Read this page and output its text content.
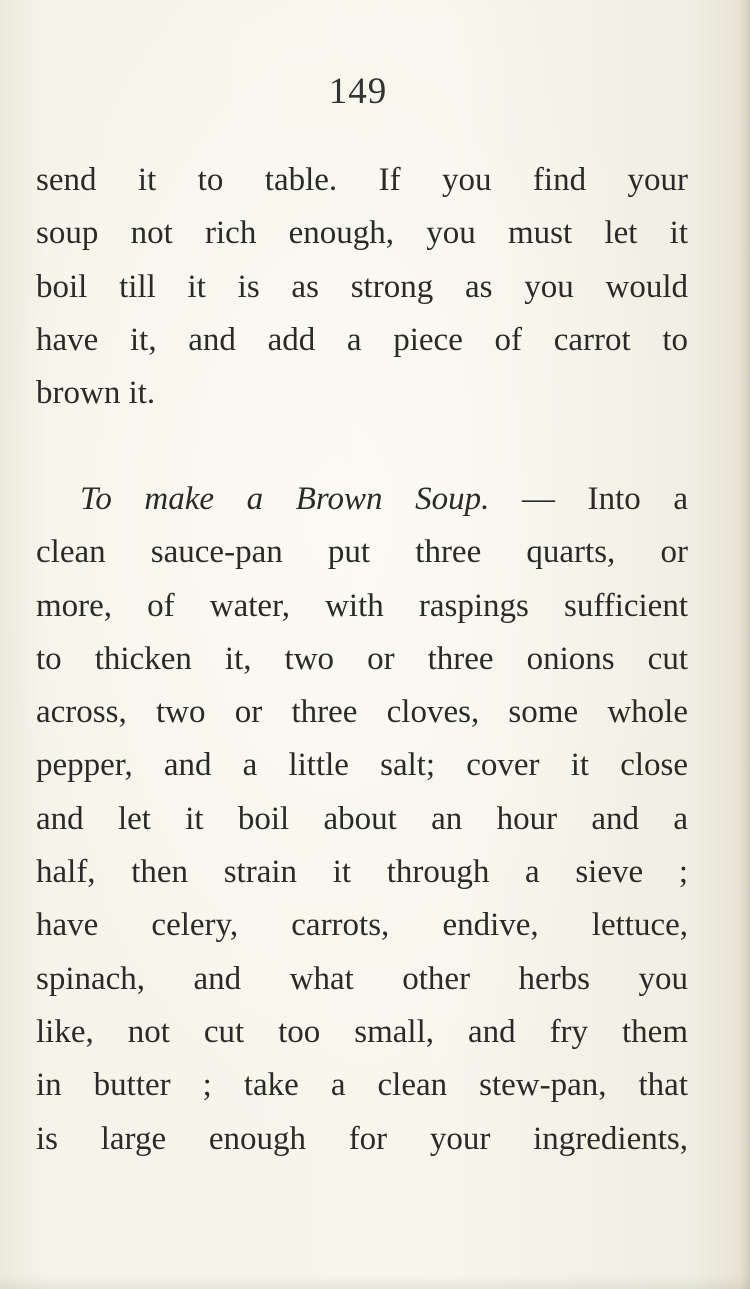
149
send it to table. If you find your
soup not rich enough, you must let it
boil till it is as strong as you would
have it, and add a piece of carrot to
brown it.
To make a Brown Soup. — Into a
clean sauce-pan put three quarts, or
more, of water, with raspings sufficient
to thicken it, two or three onions cut
across, two or three cloves, some whole
pepper, and a little salt; cover it close
and let it boil about an hour and a
half, then strain it through a sieve ;
have celery, carrots, endive, lettuce,
spinach, and what other herbs you
like, not cut too small, and fry them
in butter ; take a clean stew-pan, that
is large enough for your ingredients,
